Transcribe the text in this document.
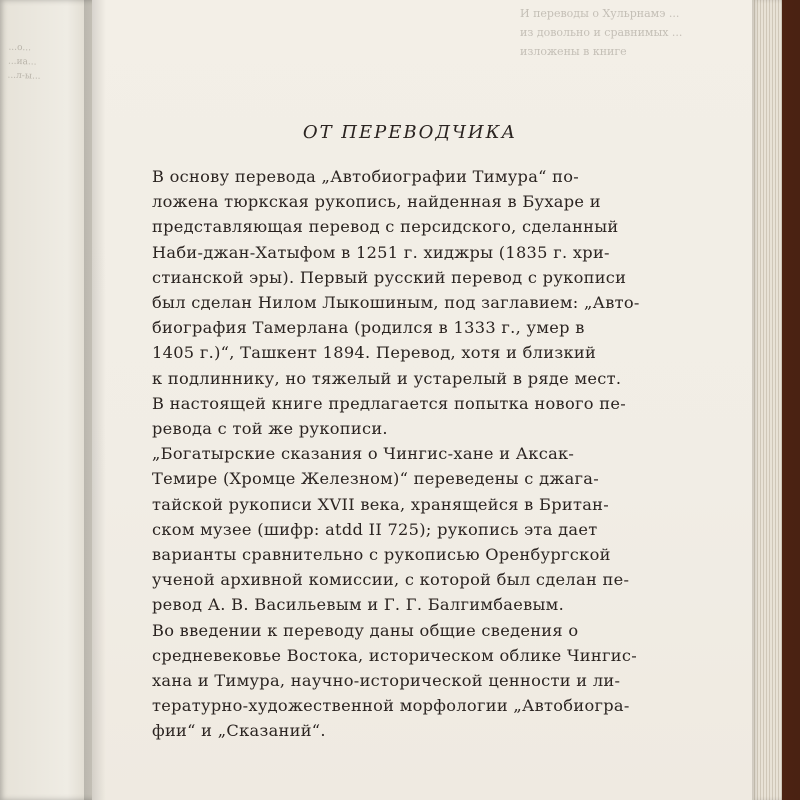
...о...
...иа...
...л-ы...
И переводы о Хульрнамэ ...
из довольно и сравнимых ...
изложены в книге
ОТ ПЕРЕВОДЧИКА

В основу перевода „Автобиографии Тимура“ по-
ложена тюркская рукопись, найденная в Бухаре и
представляющая перевод с персидского, сделанный
Наби-джан-Хатыфом в 1251 г. хиджры (1835 г. хри-
стианской эры). Первый русский перевод с рукописи
был сделан Нилом Лыкошиным, под заглавием: „Авто-
биография Тамерлана (родился в 1333 г., умер в
1405 г.)“, Ташкент 1894. Перевод, хотя и близкий
к подлиннику, но тяжелый и устарелый в ряде мест.
В настоящей книге предлагается попытка нового пе-
ревода с той же рукописи.

„Богатырские сказания о Чингис-хане и Аксак-
Темире (Хромце Железном)“ переведены с джага-
тайской рукописи XVII века, хранящейся в Британ-
ском музее (шифр: atdd II 725); рукопись эта дает
варианты сравнительно с рукописью Оренбургской
ученой архивной комиссии, с которой был сделан пе-
ревод А. В. Васильевым и Г. Г. Балгимбаевым.

Во введении к переводу даны общие сведения о
средневековье Востока, историческом облике Чингис-
хана и Тимура, научно-исторической ценности и ли-
тературно-художественной морфологии „Автобиогра-
фии“ и „Сказаний“.
